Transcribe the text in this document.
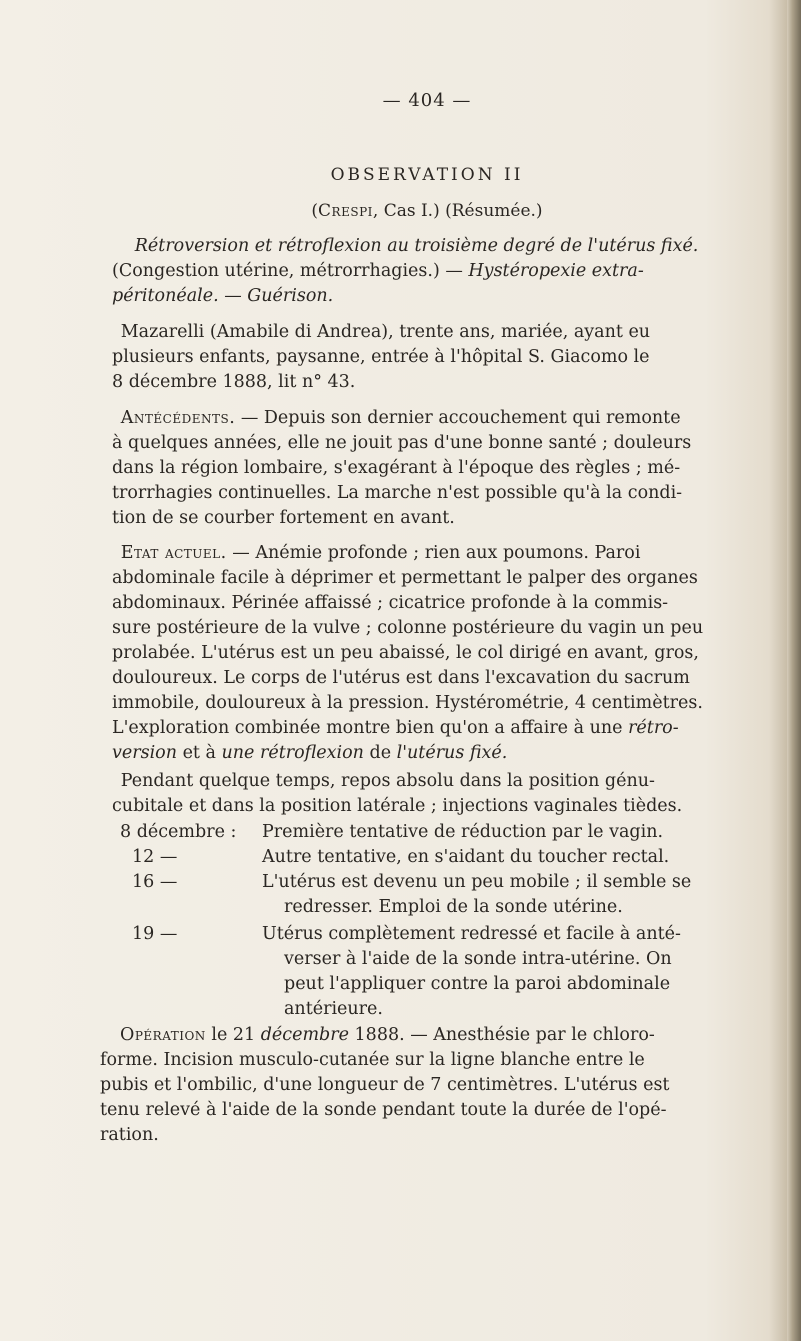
— 404 —
OBSERVATION II
(Crespi, Cas I.) (Résumée.)
Rétroversion et rétroflexion au troisième degré de l'utérus fixé.
(Congestion utérine, métrorrhagies.) — Hystéropexie extra-
péritonéale. — Guérison.
Mazarelli (Amabile di Andrea), trente ans, mariée, ayant eu
plusieurs enfants, paysanne, entrée à l'hôpital S. Giacomo le
8 décembre 1888, lit n° 43.
Antécédents. — Depuis son dernier accouchement qui remonte
à quelques années, elle ne jouit pas d'une bonne santé ; douleurs
dans la région lombaire, s'exagérant à l'époque des règles ; mé-
trorrhagies continuelles. La marche n'est possible qu'à la condi-
tion de se courber fortement en avant.
Etat actuel. — Anémie profonde ; rien aux poumons. Paroi
abdominale facile à déprimer et permettant le palper des organes
abdominaux. Périnée affaissé ; cicatrice profonde à la commis-
sure postérieure de la vulve ; colonne postérieure du vagin un peu
prolabée. L'utérus est un peu abaissé, le col dirigé en avant, gros,
douloureux. Le corps de l'utérus est dans l'excavation du sacrum
immobile, douloureux à la pression. Hystérométrie, 4 centimètres.
L'exploration combinée montre bien qu'on a affaire à une rétro-
version et à une rétroflexion de l'utérus fixé.
Pendant quelque temps, repos absolu dans la position génu-
cubitale et dans la position latérale ; injections vaginales tièdes.
8 décembre : Première tentative de réduction par le vagin.
12 —	Autre tentative, en s'aidant du toucher rectal.
16 —	L'utérus est devenu un peu mobile ; il semble se
redresser. Emploi de la sonde utérine.
19 —	Utérus complètement redressé et facile à anté-
verser à l'aide de la sonde intra-utérine. On
peut l'appliquer contre la paroi abdominale
antérieure.
Opération le 21 décembre 1888. — Anesthésie par le chloro-
forme. Incision musculo-cutanée sur la ligne blanche entre le
pubis et l'ombilic, d'une longueur de 7 centimètres. L'utérus est
tenu relevé à l'aide de la sonde pendant toute la durée de l'opé-
ration.
